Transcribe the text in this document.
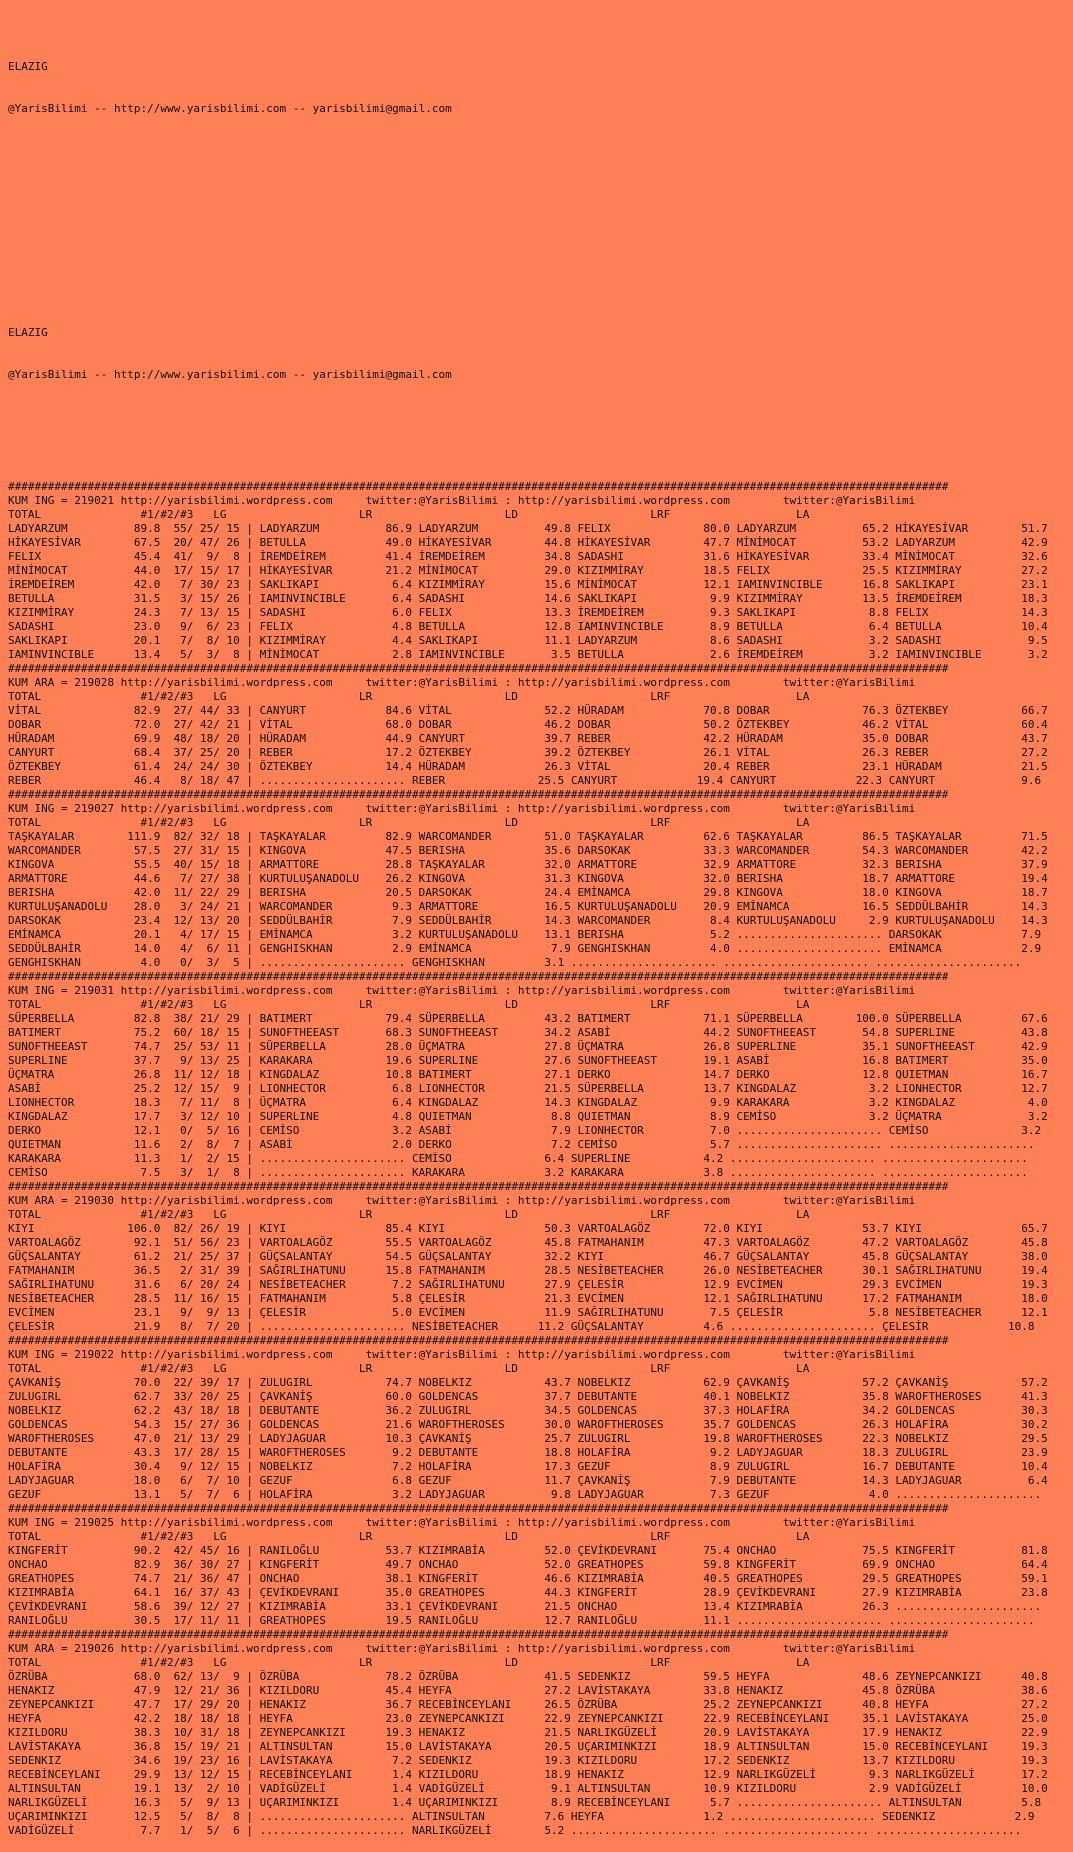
ELAZIG

@YarisBilimi -- http://www.yarisbilimi.com -- yarisbilimi@gmail.com

ELAZIG

@YarisBilimi -- http://www.yarisbilimi.com -- yarisbilimi@gmail.com

##############################################################################################################################################
KUM ING = 219021 http://yarisbilimi.wordpress.com     twitter:@YarisBilimi : http://yarisbilimi.wordpress.com        twitter:@YarisBilimi
TOTAL               #1/#2/#3   LG                    LR                    LD                    LRF                   LA
LADYARZUM          89.8  55/ 25/ 15 | LADYARZUM          86.9 LADYARZUM          49.8 FELIX              80.0 LADYARZUM          65.2 HİKAYESİVAR        51.7
HİKAYESİVAR        67.5  20/ 47/ 26 | BETULLA            49.0 HİKAYESİVAR        44.8 HİKAYESİVAR        47.7 MİNİMOCAT          53.2 LADYARZUM          42.9
FELIX              45.4  41/  9/  8 | İREMDEİREM         41.4 İREMDEİREM         34.8 SADASHI            31.6 HİKAYESİVAR        33.4 MİNİMOCAT          32.6
MİNİMOCAT          44.0  17/ 15/ 17 | HİKAYESİVAR        21.2 MİNİMOCAT          29.0 KIZIMMİRAY         18.5 FELIX              25.5 KIZIMMİRAY         27.2
İREMDEİREM         42.0   7/ 30/ 23 | SAKLIKAPI           6.4 KIZIMMİRAY         15.6 MİNİMOCAT          12.1 IAMINVINCIBLE      16.8 SAKLIKAPI          23.1
BETULLA            31.5   3/ 15/ 26 | IAMINVINCIBLE       6.4 SADASHI            14.6 SAKLIKAPI           9.9 KIZIMMİRAY         13.5 İREMDEİREM         18.3
KIZIMMİRAY         24.3   7/ 13/ 15 | SADASHI             6.0 FELIX              13.3 İREMDEİREM          9.3 SAKLIKAPI           8.8 FELIX              14.3
SADASHI            23.0   9/  6/ 23 | FELIX               4.8 BETULLA            12.8 IAMINVINCIBLE       8.9 BETULLA             6.4 BETULLA            10.4
SAKLIKAPI          20.1   7/  8/ 10 | KIZIMMİRAY          4.4 SAKLIKAPI          11.1 LADYARZUM           8.6 SADASHI             3.2 SADASHI             9.5
IAMINVINCIBLE      13.4   5/  3/  8 | MİNİMOCAT           2.8 IAMINVINCIBLE       3.5 BETULLA             2.6 İREMDEİREM          3.2 IAMINVINCIBLE       3.2
##############################################################################################################################################
KUM ARA = 219028 http://yarisbilimi.wordpress.com     twitter:@YarisBilimi : http://yarisbilimi.wordpress.com        twitter:@YarisBilimi
TOTAL               #1/#2/#3   LG                    LR                    LD                    LRF                   LA
VİTAL              82.9  27/ 44/ 33 | CANYURT            84.6 VİTAL              52.2 HÜRADAM            70.8 DOBAR              76.3 ÖZTEKBEY           66.7
DOBAR              72.0  27/ 42/ 21 | VİTAL              68.0 DOBAR              46.2 DOBAR              50.2 ÖZTEKBEY           46.2 VİTAL              60.4
HÜRADAM            69.9  48/ 18/ 20 | HÜRADAM            44.9 CANYURT            39.7 REBER              42.2 HÜRADAM            35.0 DOBAR              43.7
CANYURT            68.4  37/ 25/ 20 | REBER              17.2 ÖZTEKBEY           39.2 ÖZTEKBEY           26.1 VİTAL              26.3 REBER              27.2
ÖZTEKBEY           61.4  24/ 24/ 30 | ÖZTEKBEY           14.4 HÜRADAM            26.3 VİTAL              20.4 REBER              23.1 HÜRADAM            21.5
REBER              46.4   8/ 18/ 47 | ...................... REBER              25.5 CANYURT            19.4 CANYURT            22.3 CANYURT             9.6
##############################################################################################################################################
KUM ING = 219027 http://yarisbilimi.wordpress.com     twitter:@YarisBilimi : http://yarisbilimi.wordpress.com        twitter:@YarisBilimi
TOTAL               #1/#2/#3   LG                    LR                    LD                    LRF                   LA
TAŞKAYALAR        111.9  82/ 32/ 18 | TAŞKAYALAR         82.9 WARCOMANDER        51.0 TAŞKAYALAR         62.6 TAŞKAYALAR         86.5 TAŞKAYALAR         71.5
WARCOMANDER        57.5  27/ 31/ 15 | KINGOVA            47.5 BERISHA            35.6 DARSOKAK           33.3 WARCOMANDER        54.3 WARCOMANDER        42.2
KINGOVA            55.5  40/ 15/ 18 | ARMATTORE          28.8 TAŞKAYALAR         32.0 ARMATTORE          32.9 ARMATTORE          32.3 BERISHA            37.9
ARMATTORE          44.6   7/ 27/ 38 | KURTULUŞANADOLU    26.2 KINGOVA            31.3 KINGOVA            32.0 BERISHA            18.7 ARMATTORE          19.4
BERISHA            42.0  11/ 22/ 29 | BERISHA            20.5 DARSOKAK           24.4 EMİNAMCA           29.8 KINGOVA            18.0 KINGOVA            18.7
KURTULUŞANADOLU    28.0   3/ 24/ 21 | WARCOMANDER         9.3 ARMATTORE          16.5 KURTULUŞANADOLU    20.9 EMİNAMCA           16.5 SEDDÜLBAHİR        14.3
DARSOKAK           23.4  12/ 13/ 20 | SEDDÜLBAHİR         7.9 SEDDÜLBAHİR        14.3 WARCOMANDER         8.4 KURTULUŞANADOLU     2.9 KURTULUŞANADOLU    14.3
EMİNAMCA           20.1   4/ 17/ 15 | EMİNAMCA            3.2 KURTULUŞANADOLU    13.1 BERISHA             5.2 ...................... DARSOKAK            7.9
SEDDÜLBAHİR        14.0   4/  6/ 11 | GENGHISKHAN         2.9 EMİNAMCA            7.9 GENGHISKHAN         4.0 ...................... EMİNAMCA            2.9
GENGHISKHAN         4.0   0/  3/  5 | ...................... GENGHISKHAN         3.1 ...................... ...................... ......................
##############################################################################################################################################
KUM ING = 219031 http://yarisbilimi.wordpress.com     twitter:@YarisBilimi : http://yarisbilimi.wordpress.com        twitter:@YarisBilimi
TOTAL               #1/#2/#3   LG                    LR                    LD                    LRF                   LA
SÜPERBELLA         82.8  38/ 21/ 29 | BATIMERT           79.4 SÜPERBELLA         43.2 BATIMERT           71.1 SÜPERBELLA        100.0 SÜPERBELLA         67.6
BATIMERT           75.2  60/ 18/ 15 | SUNOFTHEEAST       68.3 SUNOFTHEEAST       34.2 ASABİ              44.2 SUNOFTHEEAST       54.8 SUPERLINE          43.8
SUNOFTHEEAST       74.7  25/ 53/ 11 | SÜPERBELLA         28.0 ÜÇMATRA            27.8 ÜÇMATRA            26.8 SUPERLINE          35.1 SUNOFTHEEAST       42.9
SUPERLINE          37.7   9/ 13/ 25 | KARAKARA           19.6 SUPERLINE          27.6 SUNOFTHEEAST       19.1 ASABİ              16.8 BATIMERT           35.0
ÜÇMATRA            26.8  11/ 12/ 18 | KINGDALAZ          10.8 BATIMERT           27.1 DERKO              14.7 DERKO              12.8 QUIETMAN           16.7
ASABİ              25.2  12/ 15/  9 | LIONHECTOR          6.8 LIONHECTOR         21.5 SÜPERBELLA         13.7 KINGDALAZ           3.2 LIONHECTOR         12.7
LIONHECTOR         18.3   7/ 11/  8 | ÜÇMATRA             6.4 KINGDALAZ          14.3 KINGDALAZ           9.9 KARAKARA            3.2 KINGDALAZ           4.0
KINGDALAZ          17.7   3/ 12/ 10 | SUPERLINE           4.8 QUIETMAN            8.8 QUIETMAN            8.9 CEMİSO              3.2 ÜÇMATRA             3.2
DERKO              12.1   0/  5/ 16 | CEMİSO              3.2 ASABİ               7.9 LIONHECTOR          7.0 ...................... CEMİSO              3.2
QUIETMAN           11.6   2/  8/  7 | ASABİ               2.0 DERKO               7.2 CEMİSO              5.7 ...................... ......................
KARAKARA           11.3   1/  2/ 15 | ...................... CEMİSO              6.4 SUPERLINE           4.2 ...................... ......................
CEMİSO              7.5   3/  1/  8 | ...................... KARAKARA            3.2 KARAKARA            3.8 ...................... ......................
##############################################################################################################################################
KUM ARA = 219030 http://yarisbilimi.wordpress.com     twitter:@YarisBilimi : http://yarisbilimi.wordpress.com        twitter:@YarisBilimi
TOTAL               #1/#2/#3   LG                    LR                    LD                    LRF                   LA
KIYI              106.0  82/ 26/ 19 | KIYI               85.4 KIYI               50.3 VARTOALAGÖZ        72.0 KIYI               53.7 KIYI               65.7
VARTOALAGÖZ        92.1  51/ 56/ 23 | VARTOALAGÖZ        55.5 VARTOALAGÖZ        45.8 FATMAHANIM         47.3 VARTOALAGÖZ        47.2 VARTOALAGÖZ        45.8
GÜÇSALANTAY        61.2  21/ 25/ 37 | GÜÇSALANTAY        54.5 GÜÇSALANTAY        32.2 KIYI               46.7 GÜÇSALANTAY        45.8 GÜÇSALANTAY        38.0
FATMAHANIM         36.5   2/ 31/ 39 | SAĞIRLIHATUNU      15.8 FATMAHANIM         28.5 NESİBETEACHER      26.0 NESİBETEACHER      30.1 SAĞIRLIHATUNU      19.4
SAĞIRLIHATUNU      31.6   6/ 20/ 24 | NESİBETEACHER       7.2 SAĞIRLIHATUNU      27.9 ÇELESİR            12.9 EVCİMEN            29.3 EVCİMEN            19.3
NESİBETEACHER      28.5  11/ 16/ 15 | FATMAHANIM          5.8 ÇELESİR            21.3 EVCİMEN            12.1 SAĞIRLIHATUNU      17.2 FATMAHANIM         18.0
EVCİMEN            23.1   9/  9/ 13 | ÇELESİR             5.0 EVCİMEN            11.9 SAĞIRLIHATUNU       7.5 ÇELESİR             5.8 NESİBETEACHER      12.1
ÇELESİR            21.9   8/  7/ 20 | ...................... NESİBETEACHER      11.2 GÜÇSALANTAY         4.6 ...................... ÇELESİR            10.8
##############################################################################################################################################
KUM ING = 219022 http://yarisbilimi.wordpress.com     twitter:@YarisBilimi : http://yarisbilimi.wordpress.com        twitter:@YarisBilimi
TOTAL               #1/#2/#3   LG                    LR                    LD                    LRF                   LA
ÇAVKANİŞ           70.0  22/ 39/ 17 | ZULUGIRL           74.7 NOBELKIZ           43.7 NOBELKIZ           62.9 ÇAVKANİŞ           57.2 ÇAVKANİŞ           57.2
ZULUGIRL           62.7  33/ 20/ 25 | ÇAVKANİŞ           60.0 GOLDENCAS          37.7 DEBUTANTE          40.1 NOBELKIZ           35.8 WAROFTHEROSES      41.3
NOBELKIZ           62.2  43/ 18/ 18 | DEBUTANTE          36.2 ZULUGIRL           34.5 GOLDENCAS          37.3 HOLAFİRA           34.2 GOLDENCAS          30.3
GOLDENCAS          54.3  15/ 27/ 36 | GOLDENCAS          21.6 WAROFTHEROSES      30.0 WAROFTHEROSES      35.7 GOLDENCAS          26.3 HOLAFİRA           30.2
WAROFTHEROSES      47.0  21/ 13/ 29 | LADYJAGUAR         10.3 ÇAVKANİŞ           25.7 ZULUGIRL           19.8 WAROFTHEROSES      22.3 NOBELKIZ           29.5
DEBUTANTE          43.3  17/ 28/ 15 | WAROFTHEROSES       9.2 DEBUTANTE          18.8 HOLAFİRA            9.2 LADYJAGUAR         18.3 ZULUGIRL           23.9
HOLAFİRA           30.4   9/ 12/ 15 | NOBELKIZ            7.2 HOLAFİRA           17.3 GEZUF               8.9 ZULUGIRL           16.7 DEBUTANTE          10.4
LADYJAGUAR         18.0   6/  7/ 10 | GEZUF               6.8 GEZUF              11.7 ÇAVKANİŞ            7.9 DEBUTANTE          14.3 LADYJAGUAR          6.4
GEZUF              13.1   5/  7/  6 | HOLAFİRA            3.2 LADYJAGUAR          9.8 LADYJAGUAR          7.3 GEZUF               4.0 ......................
##############################################################################################################################################
KUM ING = 219025 http://yarisbilimi.wordpress.com     twitter:@YarisBilimi : http://yarisbilimi.wordpress.com        twitter:@YarisBilimi
TOTAL               #1/#2/#3   LG                    LR                    LD                    LRF                   LA
KINGFERİT          90.2  42/ 45/ 16 | RANILOĞLU          53.7 KIZIMRABİA         52.0 ÇEVİKDEVRANI       75.4 ONCHAO             75.5 KINGFERİT          81.8
ONCHAO             82.9  36/ 30/ 27 | KINGFERİT          49.7 ONCHAO             52.0 GREATHOPES         59.8 KINGFERİT          69.9 ONCHAO             64.4
GREATHOPES         74.7  21/ 36/ 47 | ONCHAO             38.1 KINGFERİT          46.6 KIZIMRABİA         40.5 GREATHOPES         29.5 GREATHOPES         59.1
KIZIMRABİA         64.1  16/ 37/ 43 | ÇEVİKDEVRANI       35.0 GREATHOPES         44.3 KINGFERİT          28.9 ÇEVİKDEVRANI       27.9 KIZIMRABİA         23.8
ÇEVİKDEVRANI       58.6  39/ 12/ 27 | KIZIMRABİA         33.1 ÇEVİKDEVRANI       21.5 ONCHAO             13.4 KIZIMRABİA         26.3 ......................
RANILOĞLU          30.5  17/ 11/ 11 | GREATHOPES         19.5 RANILOĞLU          12.7 RANILOĞLU          11.1 ...................... ......................
##############################################################################################################################################
KUM ARA = 219026 http://yarisbilimi.wordpress.com     twitter:@YarisBilimi : http://yarisbilimi.wordpress.com        twitter:@YarisBilimi
TOTAL               #1/#2/#3   LG                    LR                    LD                    LRF                   LA
ÖZRÜBA             68.0  62/ 13/  9 | ÖZRÜBA             78.2 ÖZRÜBA             41.5 SEDENKIZ           59.5 HEYFA              48.6 ZEYNEPCANKIZI      40.8
HENAKIZ            47.9  12/ 21/ 36 | KIZILDORU          45.4 HEYFA              27.2 LAVİSTAKAYA        33.8 HENAKIZ            45.8 ÖZRÜBA             38.6
ZEYNEPCANKIZI      47.7  17/ 29/ 20 | HENAKIZ            36.7 RECEBİNCEYLANI     26.5 ÖZRÜBA             25.2 ZEYNEPCANKIZI      40.8 HEYFA              27.2
HEYFA              42.2  18/ 18/ 18 | HEYFA              23.0 ZEYNEPCANKIZI      22.9 ZEYNEPCANKIZI      22.9 RECEBİNCEYLANI     35.1 LAVİSTAKAYA        25.0
KIZILDORU          38.3  10/ 31/ 18 | ZEYNEPCANKIZI      19.3 HENAKIZ            21.5 NARLIKGÜZELİ       20.9 LAVİSTAKAYA        17.9 HENAKIZ            22.9
LAVİSTAKAYA        36.8  15/ 19/ 21 | ALTINSULTAN        15.0 LAVİSTAKAYA        20.5 UÇARIMINKIZI       18.9 ALTINSULTAN        15.0 RECEBİNCEYLANI     19.3
SEDENKIZ           34.6  19/ 23/ 16 | LAVİSTAKAYA         7.2 SEDENKIZ           19.3 KIZILDORU          17.2 SEDENKIZ           13.7 KIZILDORU          19.3
RECEBİNCEYLANI     29.9  13/ 12/ 15 | RECEBİNCEYLANI      1.4 KIZILDORU          18.9 HENAKIZ            12.9 NARLIKGÜZELİ        9.3 NARLIKGÜZELİ       17.2
ALTINSULTAN        19.1  13/  2/ 10 | VADİGÜZELİ          1.4 VADİGÜZELİ          9.1 ALTINSULTAN        10.9 KIZILDORU           2.9 VADİGÜZELİ         10.0
NARLIKGÜZELİ       16.3   5/  9/ 13 | UÇARIMINKIZI        1.4 UÇARIMINKIZI        8.9 RECEBİNCEYLANI      5.7 ...................... ALTINSULTAN         5.8
UÇARIMINKIZI       12.5   5/  8/  8 | ...................... ALTINSULTAN         7.6 HEYFA               1.2 ...................... SEDENKIZ            2.9
VADİGÜZELİ          7.7   1/  5/  6 | ...................... NARLIKGÜZELİ        5.2 ...................... ...................... ......................
